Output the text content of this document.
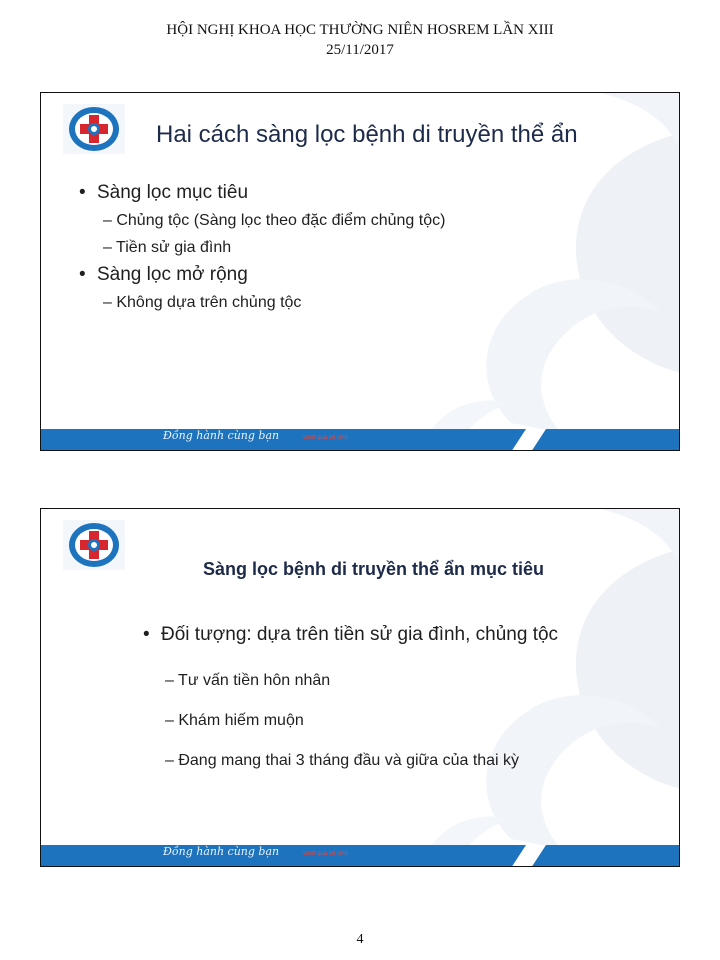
HỘI NGHỊ KHOA HỌC THƯỜNG NIÊN HOSREM LẦN XIII
25/11/2017
Hai cách sàng lọc bệnh di truyền thể ẩn
• Sàng lọc mục tiêu
– Chủng tộc (Sàng lọc theo đặc điểm chủng tộc)
– Tiền sử gia đình
• Sàng lọc mở rộng
– Không dựa trên chủng tộc
Đồng hành cùng bạn	vượt qua vô sinh
Sàng lọc bệnh di truyền thể ẩn mục tiêu
• Đối tượng: dựa trên tiền sử gia đình, chủng tộc
– Tư vấn tiền hôn nhân
– Khám hiếm muộn
– Đang mang thai 3 tháng đầu và giữa của thai kỳ
Đồng hành cùng bạn	vượt qua vô sinh
4
